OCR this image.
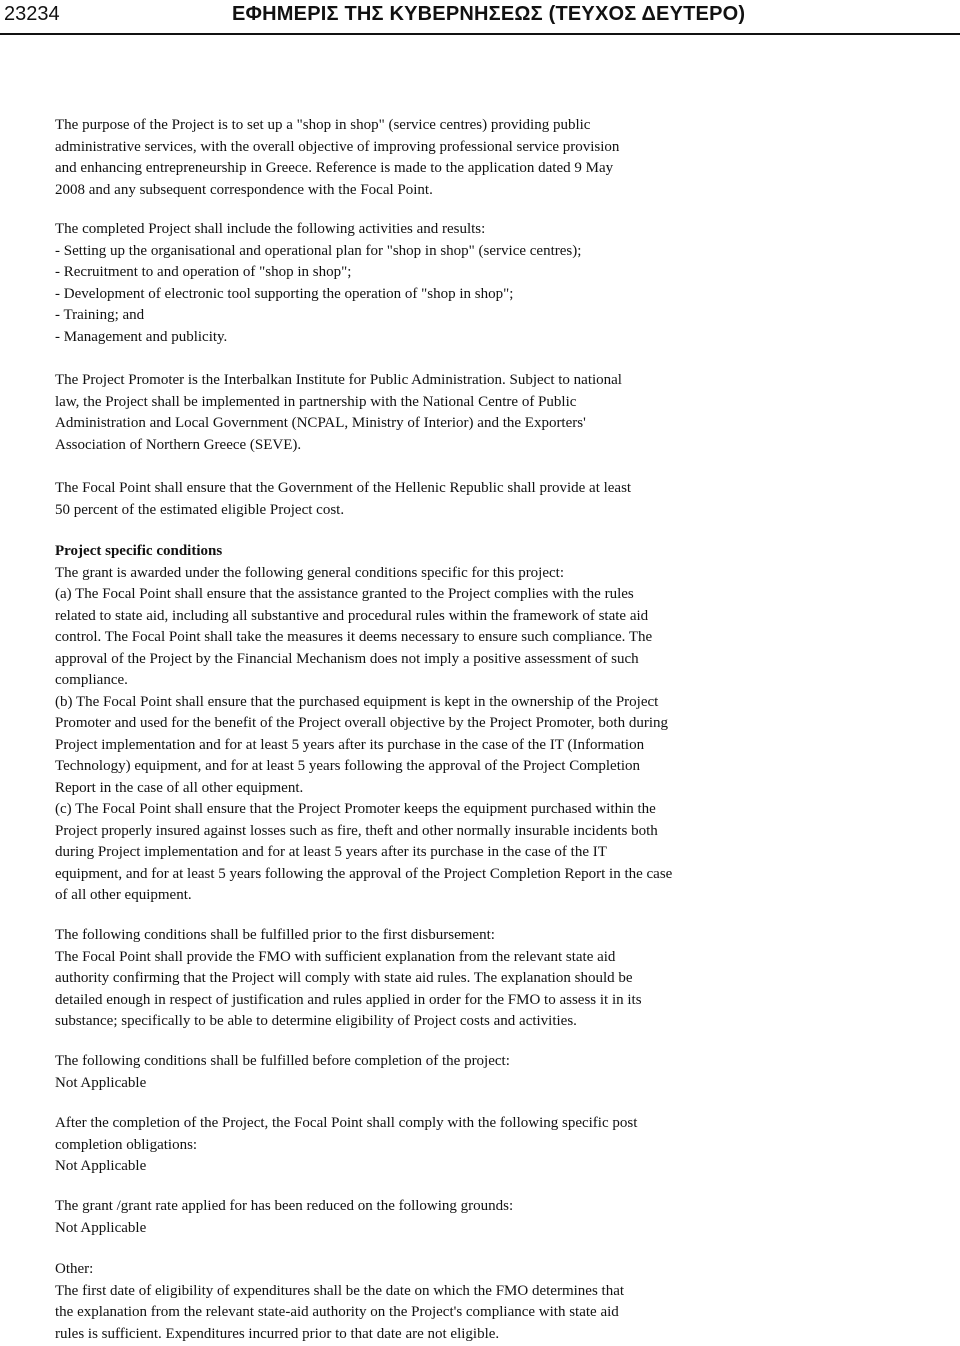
23234	ΕΦΗΜΕΡΙΣ ΤΗΣ ΚΥΒΕΡΝΗΣΕΩΣ (ΤΕΥΧΟΣ ΔΕΥΤΕΡΟ)
The purpose of the Project is to set up a "shop in shop" (service centres) providing public
administrative services, with the overall objective of improving professional service provision
and enhancing entrepreneurship in Greece. Reference is made to the application dated 9 May
2008 and any subsequent correspondence with the Focal Point.
The completed Project shall include the following activities and results:
- Setting up the organisational and operational plan for "shop in shop" (service centres);
- Recruitment to and operation of "shop in shop";
- Development of electronic tool supporting the operation of "shop in shop";
- Training; and
- Management and publicity.
The Project Promoter is the Interbalkan Institute for Public Administration. Subject to national
law, the Project shall be implemented in partnership with the National Centre of Public
Administration and Local Government (NCPAL, Ministry of Interior) and the Exporters'
Association of Northern Greece (SEVE).
The Focal Point shall ensure that the Government of the Hellenic Republic shall provide at least
50 percent of the estimated eligible Project cost.
Project specific conditions
The grant is awarded under the following general conditions specific for this project:
(a) The Focal Point shall ensure that the assistance granted to the Project complies with the rules
related to state aid, including all substantive and procedural rules within the framework of state aid
control. The Focal Point shall take the measures it deems necessary to ensure such compliance. The
approval of the Project by the Financial Mechanism does not imply a positive assessment of such
compliance.
(b) The Focal Point shall ensure that the purchased equipment is kept in the ownership of the Project
Promoter and used for the benefit of the Project overall objective by the Project Promoter, both during
Project implementation and for at least 5 years after its purchase in the case of the IT (Information
Technology) equipment, and for at least 5 years following the approval of the Project Completion
Report in the case of all other equipment.
(c) The Focal Point shall ensure that the Project Promoter keeps the equipment purchased within the
Project properly insured against losses such as fire, theft and other normally insurable incidents both
during Project implementation and for at least 5 years after its purchase in the case of the IT
equipment, and for at least 5 years following the approval of the Project Completion Report in the case
of all other equipment.
The following conditions shall be fulfilled prior to the first disbursement:
The Focal Point shall provide the FMO with sufficient explanation from the relevant state aid
authority confirming that the Project will comply with state aid rules. The explanation should be
detailed enough in respect of justification and rules applied in order for the FMO to assess it in its
substance; specifically to be able to determine eligibility of Project costs and activities.
The following conditions shall be fulfilled before completion of the project:
Not Applicable
After the completion of the Project, the Focal Point shall comply with the following specific post
completion obligations:
Not Applicable
The grant /grant rate applied for has been reduced on the following grounds:
Not Applicable
Other:
The first date of eligibility of expenditures shall be the date on which the FMO determines that
the explanation from the relevant state-aid authority on the Project's compliance with state aid
rules is sufficient. Expenditures incurred prior to that date are not eligible.
